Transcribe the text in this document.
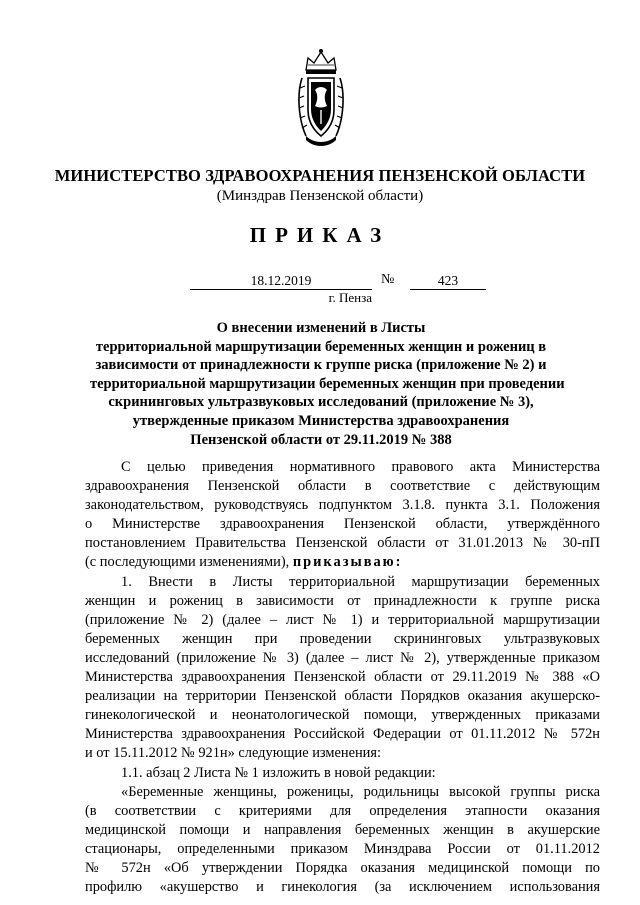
МИНИСТЕРСТВО ЗДРАВООХРАНЕНИЯ ПЕНЗЕНСКОЙ ОБЛАСТИ
(Минздрав Пензенской области)
ПРИКАЗ
18.12.2019	№	423
г. Пенза
О внесении изменений в Листы
территориальной маршрутизации беременных женщин и рожениц в
зависимости от принадлежности к группе риска (приложение № 2) и
территориальной маршрутизации беременных женщин при проведении
скрининговых ультразвуковых исследований (приложение № 3),
утвержденные приказом Министерства здравоохранения
Пензенской области от 29.11.2019 № 388
С целью приведения нормативного правового акта Министерства
здравоохранения Пензенской области в соответствие с действующим
законодательством, руководствуясь подпунктом 3.1.8. пункта 3.1. Положения
о Министерстве здравоохранения Пензенской области, утверждённого
постановлением Правительства Пензенской области от 31.01.2013 № 30-пП
(с последующими изменениями), приказываю:
1. Внести в Листы территориальной маршрутизации беременных
женщин и рожениц в зависимости от принадлежности к группе риска
(приложение № 2) (далее – лист № 1) и территориальной маршрутизации
беременных женщин при проведении скрининговых ультразвуковых
исследований (приложение № 3) (далее – лист № 2), утвержденные приказом
Министерства здравоохранения Пензенской области от 29.11.2019 № 388 «О
реализации на территории Пензенской области Порядков оказания акушерско-
гинекологической и неонатологической помощи, утвержденных приказами
Министерства здравоохранения Российской Федерации от 01.11.2012 № 572н
и от 15.11.2012 № 921н» следующие изменения:
1.1. абзац 2 Листа № 1 изложить в новой редакции:
«Беременные женщины, роженицы, родильницы высокой группы риска
(в соответствии с критериями для определения этапности оказания
медицинской помощи и направления беременных женщин в акушерские
стационары, определенными приказом Минздрава России от 01.11.2012
№ 572н «Об утверждении Порядка оказания медицинской помощи по
профилю «акушерство и гинекология (за исключением использования
